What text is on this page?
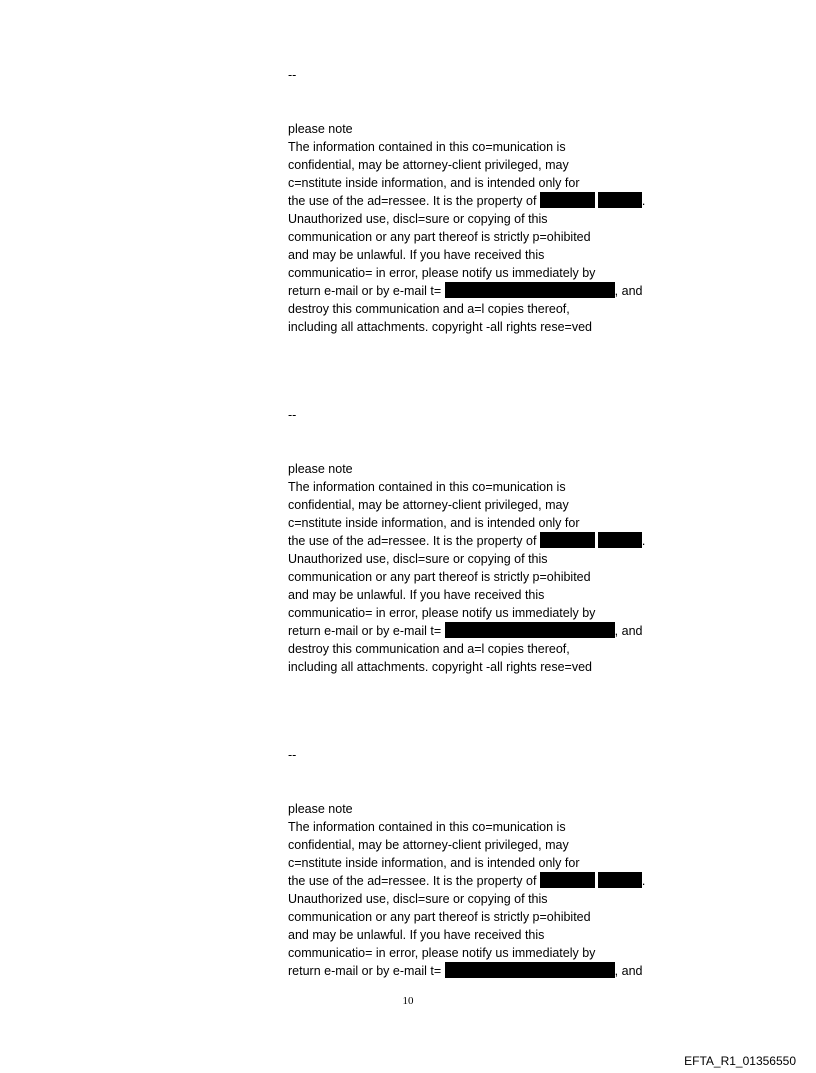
--
please note
The information contained in this co=munication is
confidential, may be attorney-client privileged, may
c=nstitute inside information, and is intended only for
the use of the ad=ressee. It is the property of	.
Unauthorized use, discl=sure or copying of this
communication or any part thereof is strictly p=ohibited
and may be unlawful. If you have received this
communicatio= in error, please notify us immediately by
return e-mail or by e-mail t=	, and
destroy this communication and a=l copies thereof,
including all attachments. copyright -all rights rese=ved
--
please note
The information contained in this co=munication is
confidential, may be attorney-client privileged, may
c=nstitute inside information, and is intended only for
the use of the ad=ressee. It is the property of	.
Unauthorized use, discl=sure or copying of this
communication or any part thereof is strictly p=ohibited
and may be unlawful. If you have received this
communicatio= in error, please notify us immediately by
return e-mail or by e-mail t=	, and
destroy this communication and a=l copies thereof,
including all attachments. copyright -all rights rese=ved
--
please note
The information contained in this co=munication is
confidential, may be attorney-client privileged, may
c=nstitute inside information, and is intended only for
the use of the ad=ressee. It is the property of	.
Unauthorized use, discl=sure or copying of this
communication or any part thereof is strictly p=ohibited
and may be unlawful. If you have received this
communicatio= in error, please notify us immediately by
return e-mail or by e-mail t=	, and
10
EFTA_R1_01356550
